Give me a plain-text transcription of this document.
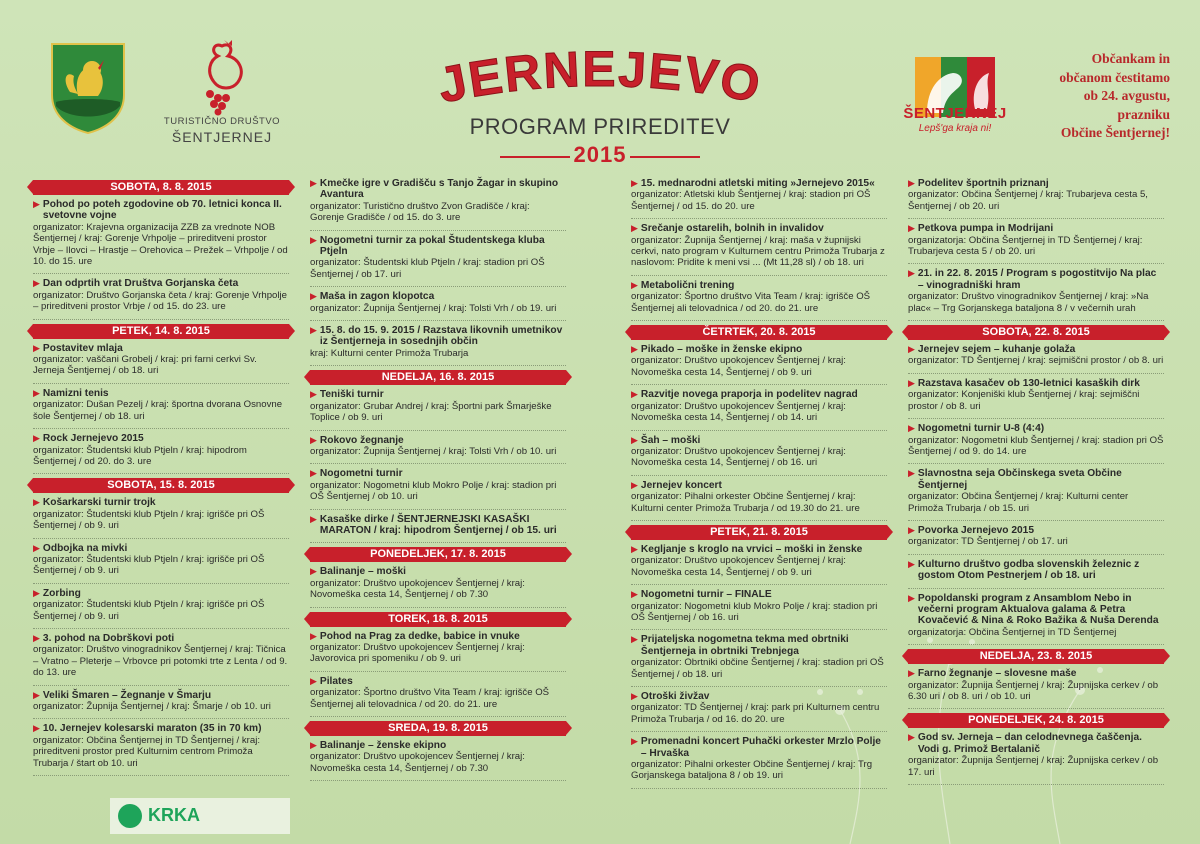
TURISTIČNO DRUŠTVO
ŠENTJERNEJ
JERNEJEVO
PROGRAM PRIREDITEV
2015
ŠENTJERNEJ
Lepš'ga kraja ni!
Občankam in
občanom čestitamo
ob 24. avgustu,
prazniku
Občine Šentjernej!
SOBOTA, 8. 8. 2015
▶ Pohod po poteh zgodovine ob 70. letnici konca II. svetovne vojne
organizator: Krajevna organizacija ZZB za vrednote NOB Šentjernej / kraj: Gorenje Vrhpolje – prireditveni prostor Vrbje – Ilovci – Hrastje – Orehovica – Prežek – Vrhpolje / od 10. do 15. ure
▶ Dan odprtih vrat Društva Gorjanska četa
organizator: Društvo Gorjanska četa / kraj: Gorenje Vrhpolje – prireditveni prostor Vrbje / od 15. do 23. ure
PETEK, 14. 8. 2015
▶ Postavitev mlaja
organizator: vaščani Grobelj / kraj: pri farni cerkvi Sv. Jerneja Šentjernej / ob 18. uri
▶ Namizni tenis
organizator: Dušan Pezelj / kraj: športna dvorana Osnovne šole Šentjernej / ob 18. uri
▶ Rock Jernejevo 2015
organizator: Študentski klub Ptjeln / kraj: hipodrom Šentjernej / od 20. do 3. ure
SOBOTA, 15. 8. 2015
▶ Košarkarski turnir trojk
organizator: Študentski klub Ptjeln / kraj: igrišče pri OŠ Šentjernej / ob 9. uri
▶ Odbojka na mivki
organizator: Študentski klub Ptjeln / kraj: igrišče pri OŠ Šentjernej / ob 9. uri
▶ Zorbing
organizator: Študentski klub Ptjeln / kraj: igrišče pri OŠ Šentjernej / ob 9. uri
▶ 3. pohod na Dobrškovi poti
organizator: Društvo vinogradnikov Šentjernej / kraj: Tičnica – Vratno – Pleterje – Vrbovce pri potomki trte z Lenta / od 9. do 13. ure
▶ Veliki Šmaren – Žegnanje v Šmarju
organizator: Župnija Šentjernej / kraj: Šmarje / ob 10. uri
▶ 10. Jernejev kolesarski maraton (35 in 70 km)
organizator: Občina Šentjernej in TD Šentjernej / kraj: prireditveni prostor pred Kulturnim centrom Primoža Trubarja / štart ob 10. uri
▶ Kmečke igre v Gradišču s Tanjo Žagar in skupino Avantura
organizator: Turistično društvo Zvon Gradišče / kraj: Gorenje Gradišče / od 15. do 3. ure
▶ Nogometni turnir za pokal Študentskega kluba Ptjeln
organizator: Študentski klub Ptjeln / kraj: stadion pri OŠ Šentjernej / ob 17. uri
▶ Maša in zagon klopotca
organizator: Župnija Šentjernej / kraj: Tolsti Vrh / ob 19. uri
▶ 15. 8. do 15. 9. 2015 / Razstava likovnih umetnikov iz Šentjerneja in sosednjih občin
kraj: Kulturni center Primoža Trubarja
NEDELJA, 16. 8. 2015
▶ Teniški turnir
organizator: Grubar Andrej / kraj: Športni park Šmarješke Toplice / ob 9. uri
▶ Rokovo žegnanje
organizator: Župnija Šentjernej / kraj: Tolsti Vrh / ob 10. uri
▶ Nogometni turnir
organizator: Nogometni klub Mokro Polje / kraj: stadion pri OŠ Šentjernej / ob 10. uri
▶ Kasaške dirke / ŠENTJERNEJSKI KASAŠKI MARATON / kraj: hipodrom Šentjernej / ob 15. uri
PONEDELJEK, 17. 8. 2015
▶ Balinanje – moški
organizator: Društvo upokojencev Šentjernej / kraj: Novomeška cesta 14, Šentjernej / ob 7.30
TOREK, 18. 8. 2015
▶ Pohod na Prag za dedke, babice in vnuke
organizator: Društvo upokojencev Šentjernej / kraj: Javorovica pri spomeniku / ob 9. uri
▶ Pilates
organizator: Športno društvo Vita Team / kraj: igrišče OŠ Šentjernej ali telovadnica / od 20. do 21. ure
SREDA, 19. 8. 2015
▶ Balinanje – ženske ekipno
organizator: Društvo upokojencev Šentjernej / kraj: Novomeška cesta 14, Šentjernej / ob 7.30
▶ 15. mednarodni atletski miting »Jernejevo 2015«
organizator: Atletski klub Šentjernej / kraj: stadion pri OŠ Šentjernej / od 15. do 20. ure
▶ Srečanje ostarelih, bolnih in invalidov
organizator: Župnija Šentjernej / kraj: maša v župnijski cerkvi, nato program v Kulturnem centru Primoža Trubarja z naslovom: Pridite k meni vsi ... (Mt 11,28 sl) / ob 18. uri
▶ Metabolični trening
organizator: Športno društvo Vita Team / kraj: igrišče OŠ Šentjernej ali telovadnica / od 20. do 21. ure
ČETRTEK, 20. 8. 2015
▶ Pikado – moške in ženske ekipno
organizator: Društvo upokojencev Šentjernej / kraj: Novomeška cesta 14, Šentjernej / ob 9. uri
▶ Razvitje novega praporja in podelitev nagrad
organizator: Društvo upokojencev Šentjernej / kraj: Novomeška cesta 14, Šentjernej / ob 14. uri
▶ Šah – moški
organizator: Društvo upokojencev Šentjernej / kraj: Novomeška cesta 14, Šentjernej / ob 16. uri
▶ Jernejev koncert
organizator: Pihalni orkester Občine Šentjernej / kraj: Kulturni center Primoža Trubarja / od 19.30 do 21. ure
PETEK, 21. 8. 2015
▶ Kegljanje s kroglo na vrvici – moški in ženske
organizator: Društvo upokojencev Šentjernej / kraj: Novomeška cesta 14, Šentjernej / ob 9. uri
▶ Nogometni turnir – FINALE
organizator: Nogometni klub Mokro Polje / kraj: stadion pri OŠ Šentjernej / ob 16. uri
▶ Prijateljska nogometna tekma med obrtniki Šentjerneja in obrtniki Trebnjega
organizator: Obrtniki občine Šentjernej / kraj: stadion pri OŠ Šentjernej / ob 18. uri
▶ Otroški živžav
organizator: TD Šentjernej / kraj: park pri Kulturnem centru Primoža Trubarja / od 16. do 20. ure
▶ Promenadni koncert Puhački orkester Mrzlo Polje – Hrvaška
organizator: Pihalni orkester Občine Šentjernej / kraj: Trg Gorjanskega bataljona 8 / ob 19. uri
▶ Podelitev športnih priznanj
organizator: Občina Šentjernej / kraj: Trubarjeva cesta 5, Šentjernej / ob 20. uri
▶ Petkova pumpa in Modrijani
organizatorja: Občina Šentjernej in TD Šentjernej / kraj: Trubarjeva cesta 5 / ob 20. uri
▶ 21. in 22. 8. 2015 / Program s pogostitvijo Na plac – vinogradniški hram
organizator: Društvo vinogradnikov Šentjernej / kraj: »Na plac« – Trg Gorjanskega bataljona 8 / v večernih urah
SOBOTA, 22. 8. 2015
▶ Jernejev sejem – kuhanje golaža
organizator: TD Šentjernej / kraj: sejmiščni prostor / ob 8. uri
▶ Razstava kasačev ob 130-letnici kasaških dirk
organizator: Konjeniški klub Šentjernej / kraj: sejmiščni prostor / ob 8. uri
▶ Nogometni turnir U-8 (4:4)
organizator: Nogometni klub Šentjernej / kraj: stadion pri OŠ Šentjernej / od 9. do 14. ure
▶ Slavnostna seja Občinskega sveta Občine Šentjernej
organizator: Občina Šentjernej / kraj: Kulturni center Primoža Trubarja / ob 15. uri
▶ Povorka Jernejevo 2015
organizator: TD Šentjernej / ob 17. uri
▶ Kulturno društvo godba slovenskih železnic z gostom Otom Pestnerjem / ob 18. uri
▶ Popoldanski program z Ansamblom Nebo in večerni program Aktualova galama & Petra Kovačević & Nina & Roko Bažika & Nuša Derenda
organizatorja: Občina Šentjernej in TD Šentjernej
NEDELJA, 23. 8. 2015
▶ Farno žegnanje – slovesne maše
organizator: Župnija Šentjernej / kraj: Župnijska cerkev / ob 6.30 uri / ob 8. uri / ob 10. uri
PONEDELJEK, 24. 8. 2015
▶ God sv. Jerneja – dan celodnevnega čaščenja. Vodi g. Primož Bertalanič
organizator: Župnija Šentjernej / kraj: Župnijska cerkev / ob 17. uri
KRKA
